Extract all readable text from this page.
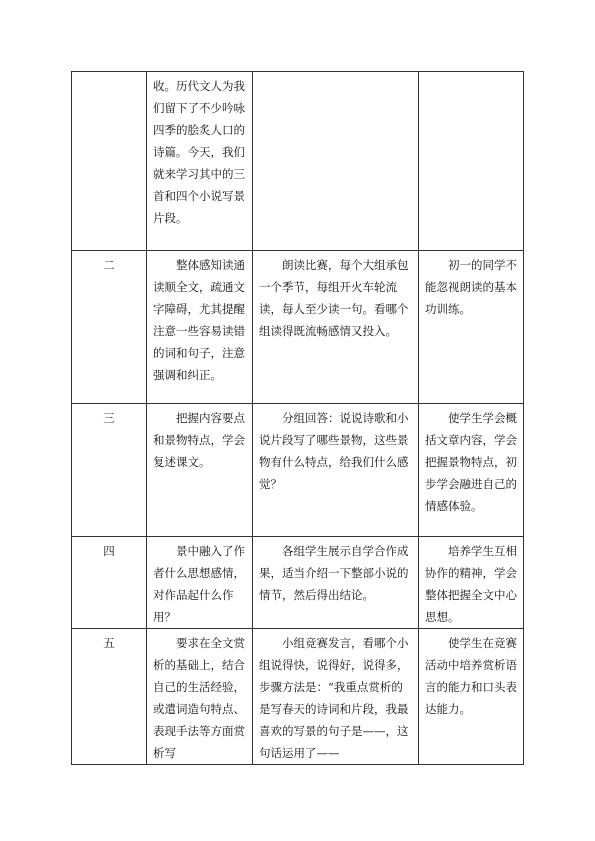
	收。历代文人为我们留下了不少吟咏四季的脍炙人口的诗篇。今天，我们就来学习其中的三首和四个小说写景片段。		

二	整体感知读通读顺全文，疏通文字障碍，尤其提醒注意一些容易读错的词和句子，注意强调和纠正。	朗读比赛，每个大组承包一个季节，每组开火车轮流读，每人至少读一句。看哪个组读得既流畅感情又投入。	初一的同学不能忽视朗读的基本功训练。

三	把握内容要点和景物特点，学会复述课文。	分组回答：说说诗歌和小说片段写了哪些景物，这些景物有什么特点，给我们什么感觉？	使学生学会概括文章内容，学会把握景物特点，初步学会融进自己的情感体验。

四	景中融入了作者什么思想感情，对作品起什么作用？	各组学生展示自学合作成果，适当介绍一下整部小说的情节，然后得出结论。	培养学生互相协作的精神，学会整体把握全文中心思想。

五	要求在全文赏析的基础上，结合自己的生活经验，或遣词造句特点、表现手法等方面赏析写	小组竞赛发言，看哪个小组说得快，说得好，说得多，步骤方法是：“我重点赏析的是写春天的诗词和片段，我最喜欢的写景的句子是——，这句话运用了——	使学生在竞赛活动中培养赏析语言的能力和口头表达能力。
